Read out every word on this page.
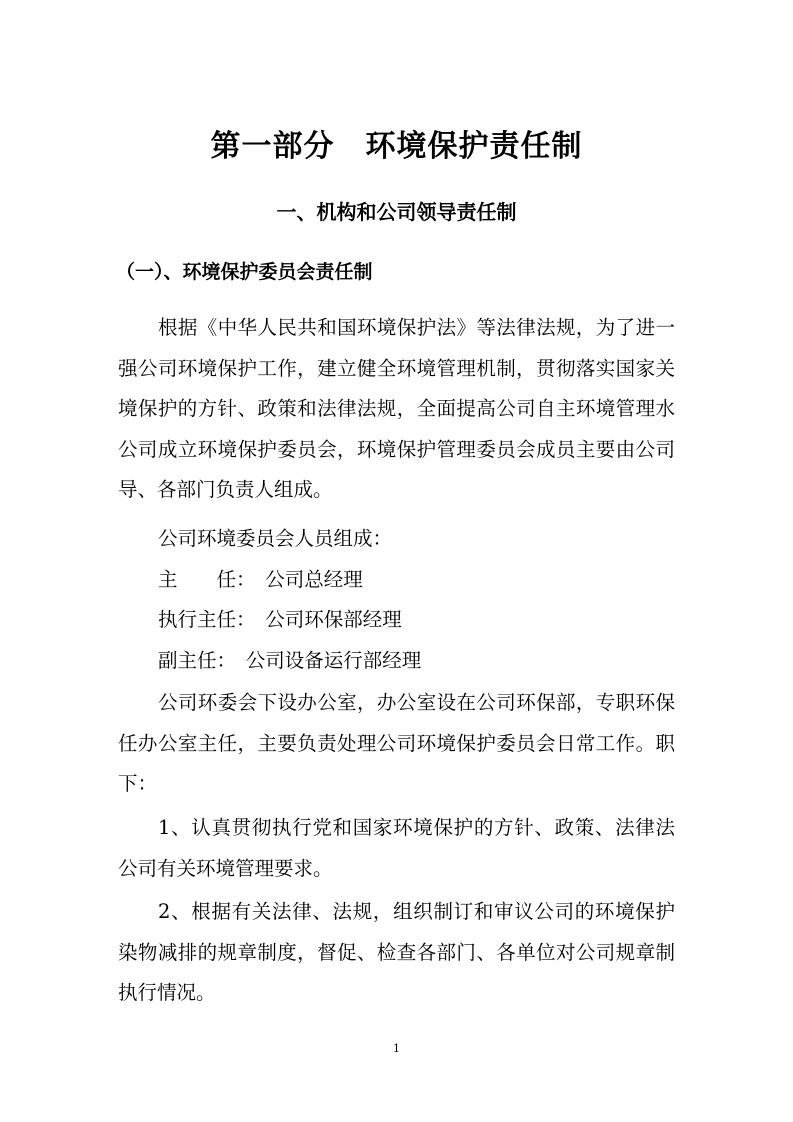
第一部分　环境保护责任制
一、机构和公司领导责任制
（一）、环境保护委员会责任制
根据《中华人民共和国环境保护法》等法律法规，为了进一
强公司环境保护工作，建立健全环境管理机制，贯彻落实国家关
境保护的方针、政策和法律法规，全面提高公司自主环境管理水
公司成立环境保护委员会，环境保护管理委员会成员主要由公司
导、各部门负责人组成。
公司环境委员会人员组成：
主　　任：　公司总经理
执行主任：　公司环保部经理
副主任：　公司设备运行部经理
公司环委会下设办公室，办公室设在公司环保部，专职环保
任办公室主任，主要负责处理公司环境保护委员会日常工作。职
下：
1、认真贯彻执行党和国家环境保护的方针、政策、法律法
公司有关环境管理要求。
2、根据有关法律、法规，组织制订和审议公司的环境保护
染物减排的规章制度，督促、检查各部门、各单位对公司规章制
执行情况。
1
